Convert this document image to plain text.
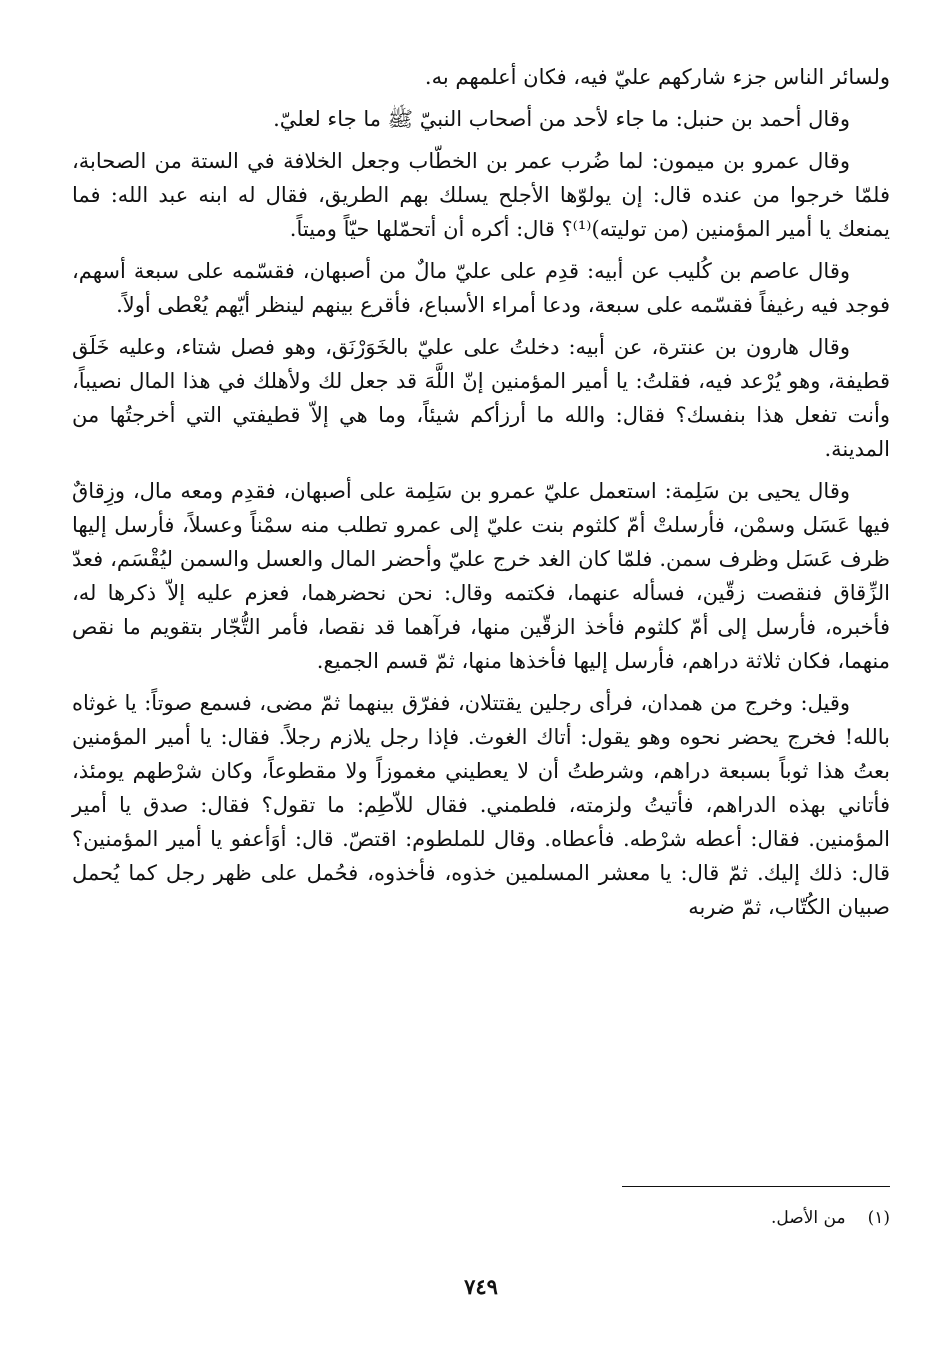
ولسائر الناس جزء شاركهم عليّ فيه، فكان أعلمهم به.

وقال أحمد بن حنبل: ما جاء لأحد من أصحاب النبيّ ﷺ ما جاء لعليّ.

وقال عمرو بن ميمون: لما ضُرب عمر بن الخطّاب وجعل الخلافة في الستة من الصحابة، فلمّا خرجوا من عنده قال: إن يولوّها الأجلح يسلك بهم الطريق، فقال له ابنه عبد الله: فما يمنعك يا أمير المؤمنين (من توليته)⁽¹⁾؟ قال: أكره أن أتحمّلها حيّاً وميتاً.

وقال عاصم بن كُليب عن أبيه: قدِم على عليّ مالٌ من أصبهان، فقسّمه على سبعة أسهم، فوجد فيه رغيفاً فقسّمه على سبعة، ودعا أمراء الأسباع، فأقرع بينهم لينظر أيّهم يُعْطى أولاً.

وقال هارون بن عنترة، عن أبيه: دخلتُ على عليّ بالخَوَرْنَق، وهو فصل شتاء، وعليه خَلَق قطيفة، وهو يُرْعد فيه، فقلتُ: يا أمير المؤمنين إنّ اللَّهَ قد جعل لك ولأهلك في هذا المال نصيباً، وأنت تفعل هذا بنفسك؟ فقال: والله ما أرزأكم شيئاً، وما هي إلاّ قطيفتي التي أخرجتُها من المدينة.

وقال يحيى بن سَلِمة: استعمل عليّ عمرو بن سَلِمة على أصبهان، فقدِم ومعه مال، وزِقاقٌ فيها عَسَل وسمْن، فأرسلتْ أمّ كلثوم بنت عليّ إلى عمرو تطلب منه سمْناً وعسلاً، فأرسل إليها ظرف عَسَل وظرف سمن. فلمّا كان الغد خرج عليّ وأحضر المال والعسل والسمن ليُقْسَم، فعدّ الزِّقاق فنقصت زقّين، فسأله عنهما، فكتمه وقال: نحن نحضرهما، فعزم عليه إلاّ ذكرها له، فأخبره، فأرسل إلى أمّ كلثوم فأخذ الزقّين منها، فرآهما قد نقصا، فأمر التُّجّار بتقويم ما نقص منهما، فكان ثلاثة دراهم، فأرسل إليها فأخذها منها، ثمّ قسم الجميع.

وقيل: وخرج من همدان، فرأى رجلين يقتتلان، ففرّق بينهما ثمّ مضى، فسمع صوتاً: يا غوثاه بالله! فخرج يحضر نحوه وهو يقول: أتاك الغوث. فإذا رجل يلازم رجلاً. فقال: يا أمير المؤمنين بعتُ هذا ثوباً بسبعة دراهم، وشرطتُ أن لا يعطيني مغموزاً ولا مقطوعاً، وكان شرْطهم يومئذ، فأتاني بهذه الدراهم، فأتيتُ ولزمته، فلطمني. فقال للاّطِم: ما تقول؟ فقال: صدق يا أمير المؤمنين. فقال: أعطه شرْطه. فأعطاه. وقال للملطوم: اقتصّ. قال: أوَأعفو يا أمير المؤمنين؟ قال: ذلك إليك. ثمّ قال: يا معشر المسلمين خذوه، فأخذوه، فحُمل على ظهر رجل كما يُحمل صبيان الكُتّاب، ثمّ ضربه

(١)
من الأصل.
٧٤٩
